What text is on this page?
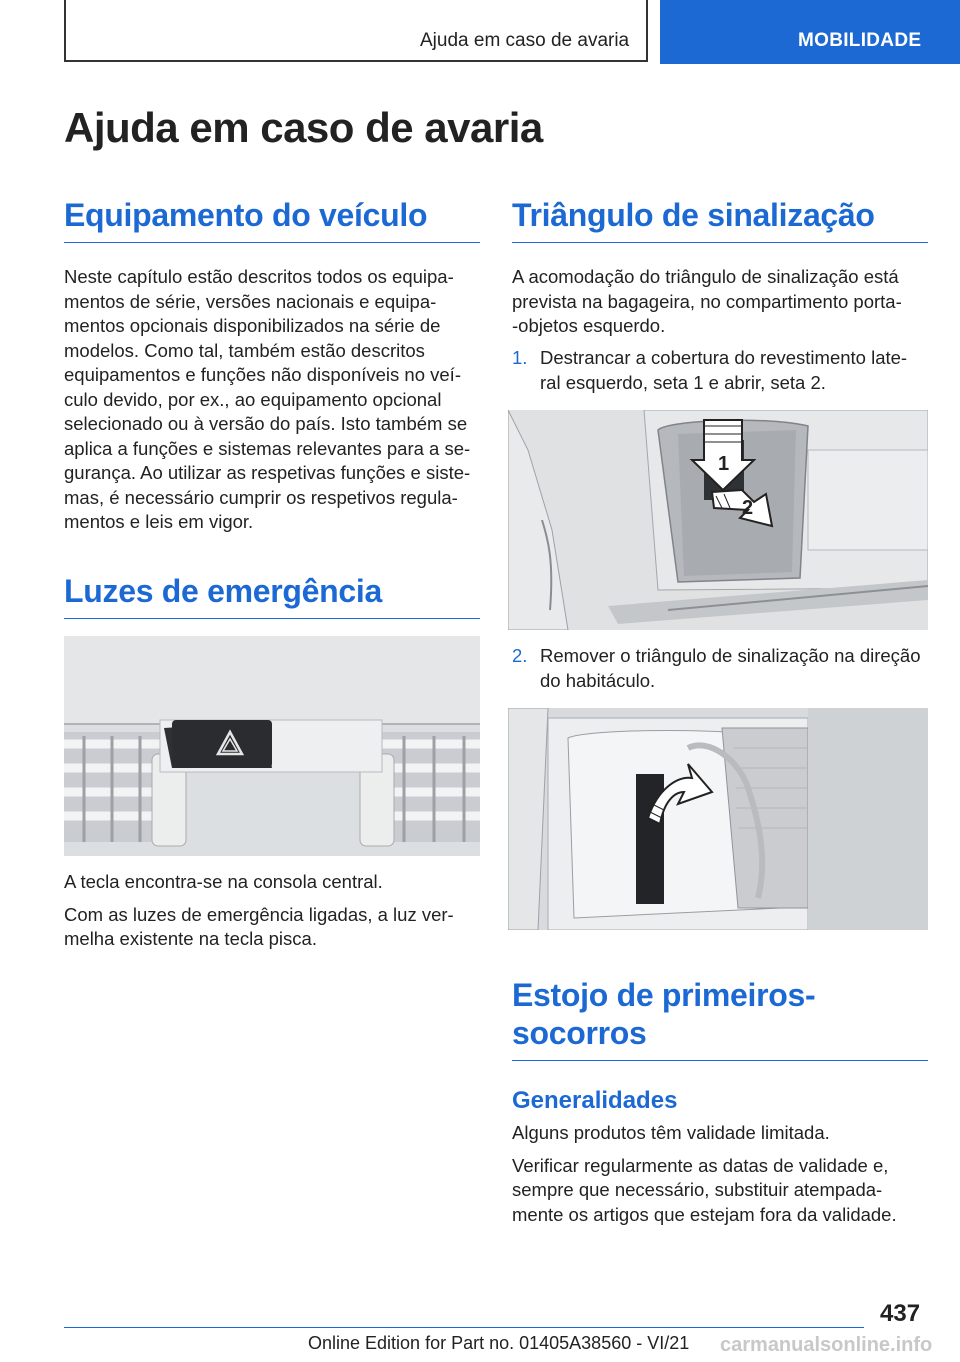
Ajuda em caso de avaria	MOBILIDADE
Ajuda em caso de avaria
Equipamento do veículo

Neste capítulo estão descritos todos os equipa-

mentos de série, versões nacionais e equipa-

mentos opcionais disponibilizados na série de

modelos. Como tal, também estão descritos

equipamentos e funções não disponíveis no veí-

culo devido, por ex., ao equipamento opcional

selecionado ou à versão do país. Isto também se

aplica a funções e sistemas relevantes para a se-

gurança. Ao utilizar as respetivas funções e siste-

mas, é necessário cumprir os respetivos regula-

mentos e leis em vigor.

Luzes de emergência

A tecla encontra-se na consola central.

Com as luzes de emergência ligadas, a luz ver-

melha existente na tecla pisca.

Triângulo de sinalização

A acomodação do triângulo de sinalização está

prevista na bagageira, no compartimento porta-

-objetos esquerdo.

1. Destrancar a cobertura do revestimento late-
ral esquerdo, seta 1 e abrir, seta 2.
1
2
2. Remover o triângulo de sinalização na direção
do habitáculo.
Estojo de primeiros-
socorros
Generalidades

Alguns produtos têm validade limitada.

Verificar regularmente as datas de validade e,

sempre que necessário, substituir atempada-

mente os artigos que estejam fora da validade.

437
Online Edition for Part no. 01405A38560 - VI/21 carmanualsonline.info
